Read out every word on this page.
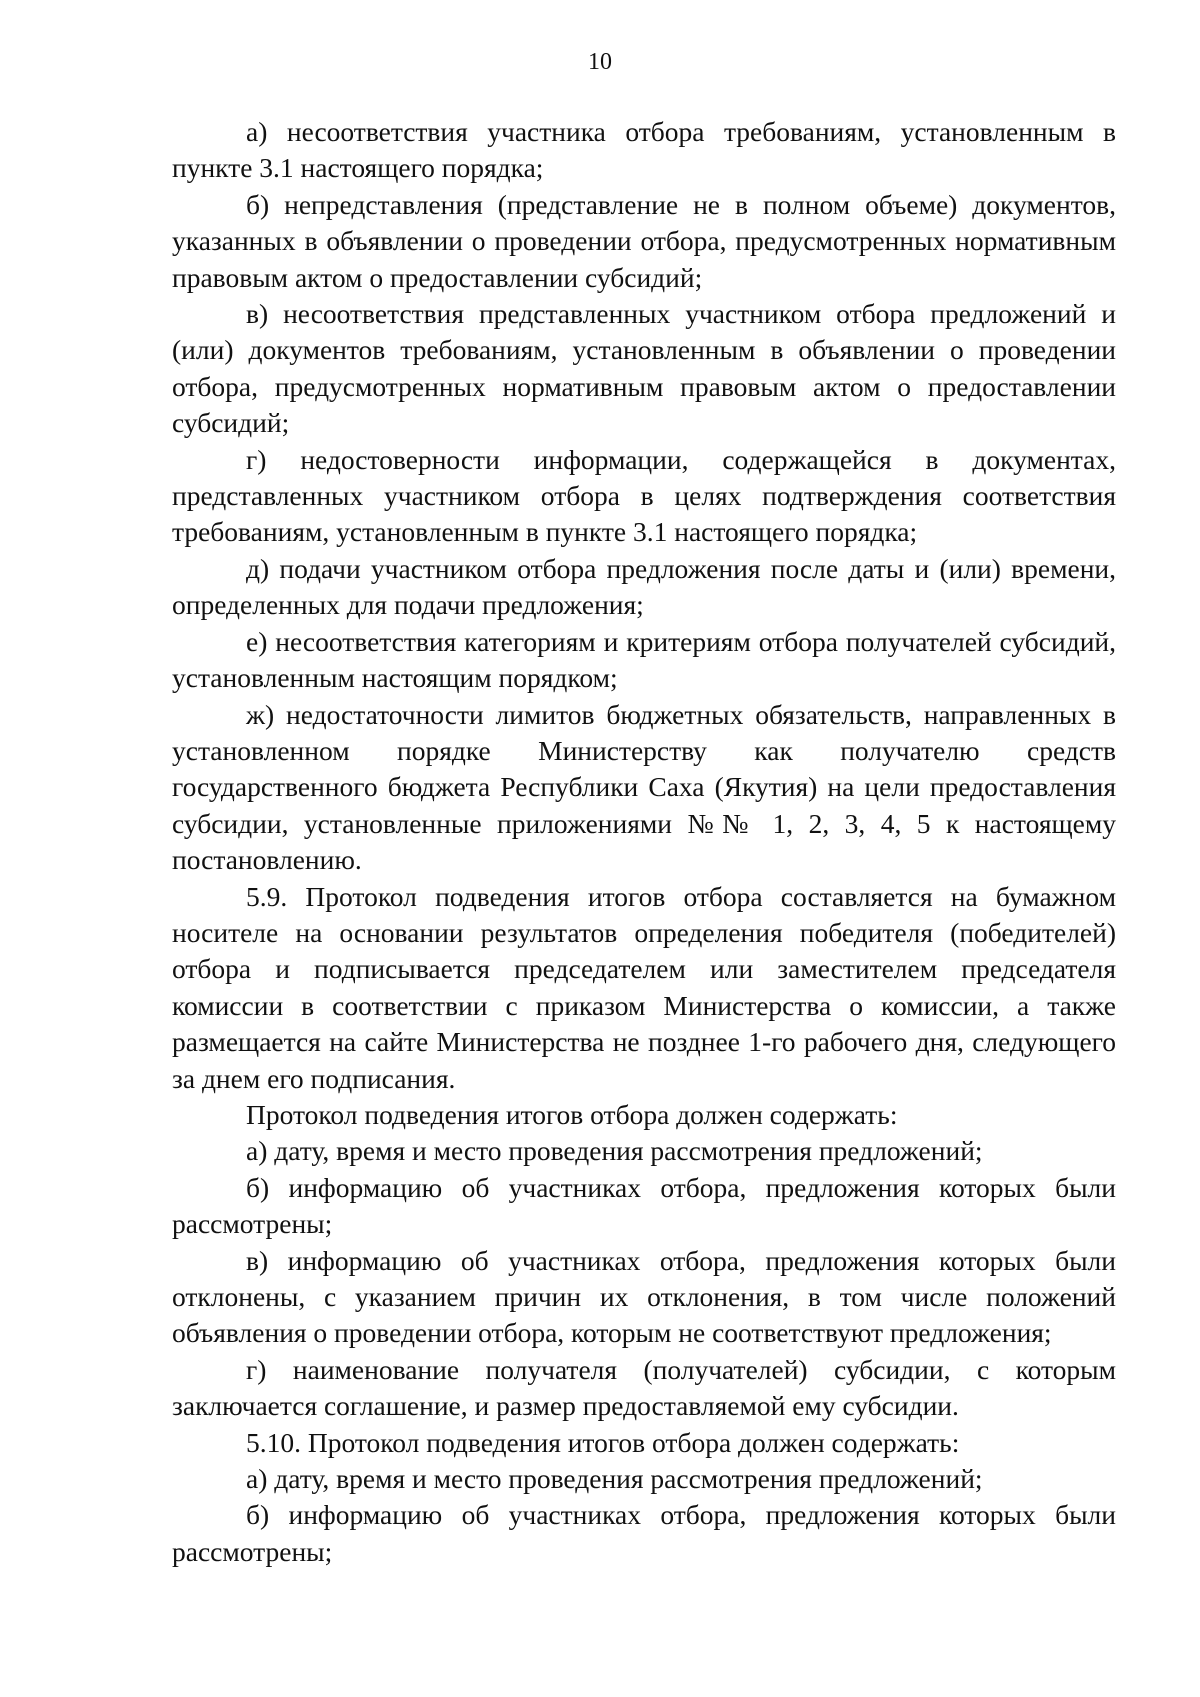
10

а) несоответствия участника отбора требованиям, установленным в пункте 3.1 настоящего порядка;

б) непредставления (представление не в полном объеме) документов, указанных в объявлении о проведении отбора, предусмотренных нормативным правовым актом о предоставлении субсидий;

в) несоответствия представленных участником отбора предложений и (или) документов требованиям, установленным в объявлении о проведении отбора, предусмотренных нормативным правовым актом о предоставлении субсидий;

г) недостоверности информации, содержащейся в документах, представленных участником отбора в целях подтверждения соответствия требованиям, установленным в пункте 3.1 настоящего порядка;

д) подачи участником отбора предложения после даты и (или) времени, определенных для подачи предложения;

е) несоответствия категориям и критериям отбора получателей субсидий, установленным настоящим порядком;

ж) недостаточности лимитов бюджетных обязательств, направленных в установленном порядке Министерству как получателю средств государственного бюджета Республики Саха (Якутия) на цели предоставления субсидии, установленные приложениями №№ 1, 2, 3, 4, 5 к настоящему постановлению.

5.9. Протокол подведения итогов отбора составляется на бумажном носителе на основании результатов определения победителя (победителей) отбора и подписывается председателем или заместителем председателя комиссии в соответствии с приказом Министерства о комиссии, а также размещается на сайте Министерства не позднее 1-го рабочего дня, следующего за днем его подписания.

Протокол подведения итогов отбора должен содержать:

а) дату, время и место проведения рассмотрения предложений;

б) информацию об участниках отбора, предложения которых были рассмотрены;

в) информацию об участниках отбора, предложения которых были отклонены, с указанием причин их отклонения, в том числе положений объявления о проведении отбора, которым не соответствуют предложения;

г) наименование получателя (получателей) субсидии, с которым заключается соглашение, и размер предоставляемой ему субсидии.

5.10. Протокол подведения итогов отбора должен содержать:

а) дату, время и место проведения рассмотрения предложений;

б) информацию об участниках отбора, предложения которых были рассмотрены;
